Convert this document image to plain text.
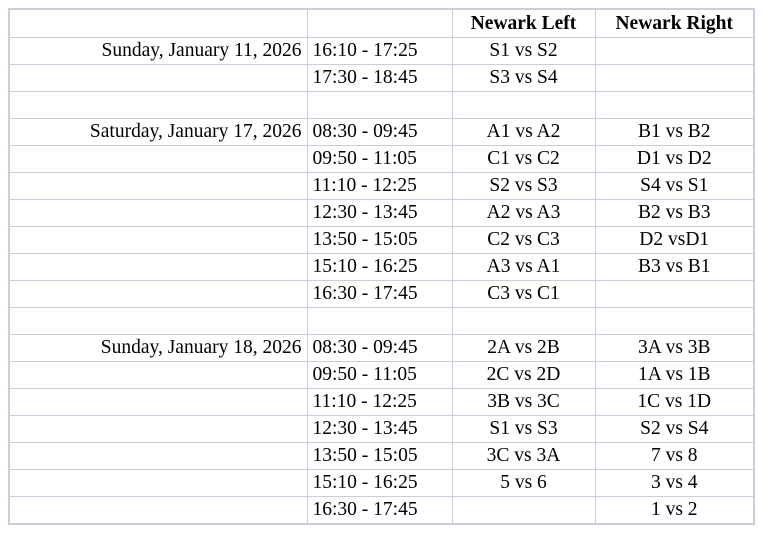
		Newark Left	Newark Right
Sunday, January 11, 2026	16:10 - 17:25	S1 vs S2	
	17:30 - 18:45	S3 vs S4	

Saturday, January 17, 2026	08:30 - 09:45	A1 vs A2	B1 vs B2
	09:50 - 11:05	C1 vs C2	D1 vs D2
	11:10 - 12:25	S2 vs S3	S4 vs S1
	12:30 - 13:45	A2 vs A3	B2 vs B3
	13:50 - 15:05	C2 vs C3	D2 vsD1
	15:10 - 16:25	A3 vs A1	B3 vs B1
	16:30 - 17:45	C3 vs C1	

Sunday, January 18, 2026	08:30 - 09:45	2A vs 2B	3A vs 3B
	09:50 - 11:05	2C vs 2D	1A vs 1B
	11:10 - 12:25	3B vs 3C	1C vs 1D
	12:30 - 13:45	S1 vs S3	S2 vs S4
	13:50 - 15:05	3C vs 3A	7 vs 8
	15:10 - 16:25	5 vs 6	3 vs 4
	16:30 - 17:45		1 vs 2
